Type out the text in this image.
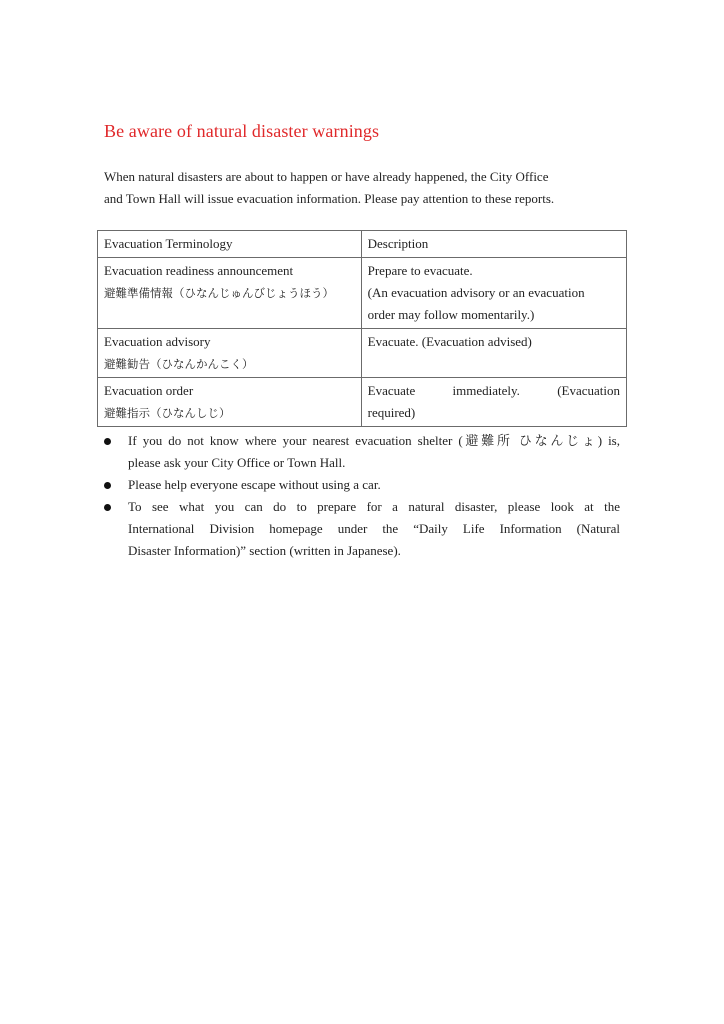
Be aware of natural disaster warnings
When natural disasters are about to happen or have already happened, the City Office
and Town Hall will issue evacuation information. Please pay attention to these reports.
Evacuation Terminology	Description

Evacuation readiness announcement
避難準備情報（ひなんじゅんびじょうほう）	Prepare to evacuate.
(An evacuation advisory or an evacuation
order may follow momentarily.)

Evacuation advisory
避難勧告（ひなんかんこく）	Evacuate. (Evacuation advised)

Evacuation order
避難指示（ひなんしじ）	Evacuate immediately. (Evacuation
required)
If you do not know where your nearest evacuation shelter (避難所 ひなんじょ) is,
please ask your City Office or Town Hall.
Please help everyone escape without using a car.
To see what you can do to prepare for a natural disaster, please look at the
International Division homepage under the “Daily Life Information (Natural
Disaster Information)” section (written in Japanese).
